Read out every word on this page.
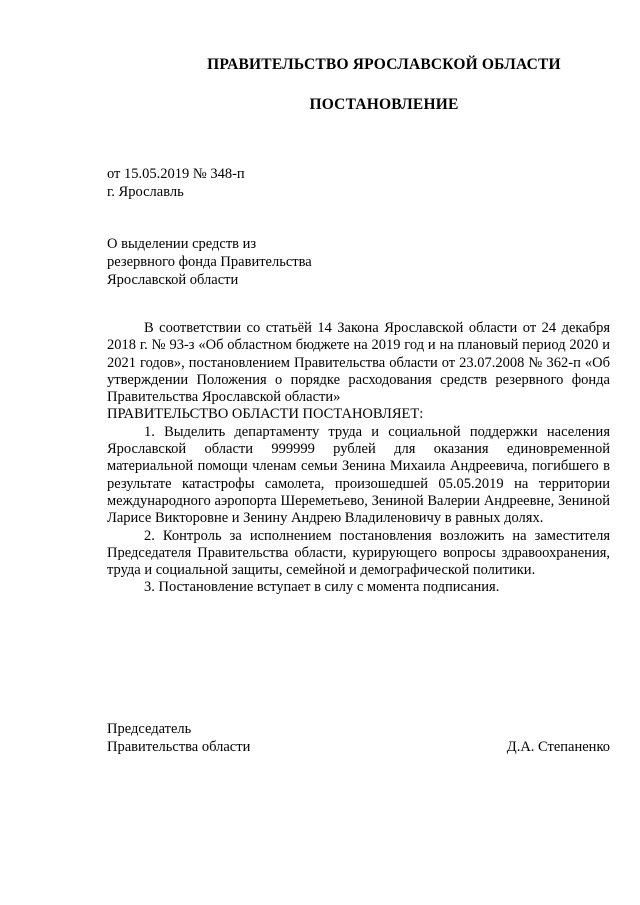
ПРАВИТЕЛЬСТВО ЯРОСЛАВСКОЙ ОБЛАСТИ
ПОСТАНОВЛЕНИЕ
от 15.05.2019 № 348-п
г. Ярославль
О выделении средств из
резервного фонда Правительства
Ярославской области

В соответствии со статьёй 14 Закона Ярославской области от 24 декабря 2018 г. № 93-з «Об областном бюджете на 2019 год и на плановый период 2020 и 2021 годов», постановлением Правительства области от 23.07.2008 № 362-п «Об утверждении Положения о порядке расходования средств резервного фонда Правительства Ярославской области»

ПРАВИТЕЛЬСТВО ОБЛАСТИ ПОСТАНОВЛЯЕТ:

1. Выделить департаменту труда и социальной поддержки населения Ярославской области 999999 рублей для оказания единовременной материальной помощи членам семьи Зенина Михаила Андреевича, погибшего в результате катастрофы самолета, произошедшей 05.05.2019 на территории международного аэропорта Шереметьево, Зениной Валерии Андреевне, Зениной Ларисе Викторовне и Зенину Андрею Владиленовичу в равных долях.

2. Контроль за исполнением постановления возложить на заместителя Председателя Правительства области, курирующего вопросы здравоохранения, труда и социальной защиты, семейной и демографической политики.

3. Постановление вступает в силу с момента подписания.

Председатель
Правительства области	Д.А. Степаненко
